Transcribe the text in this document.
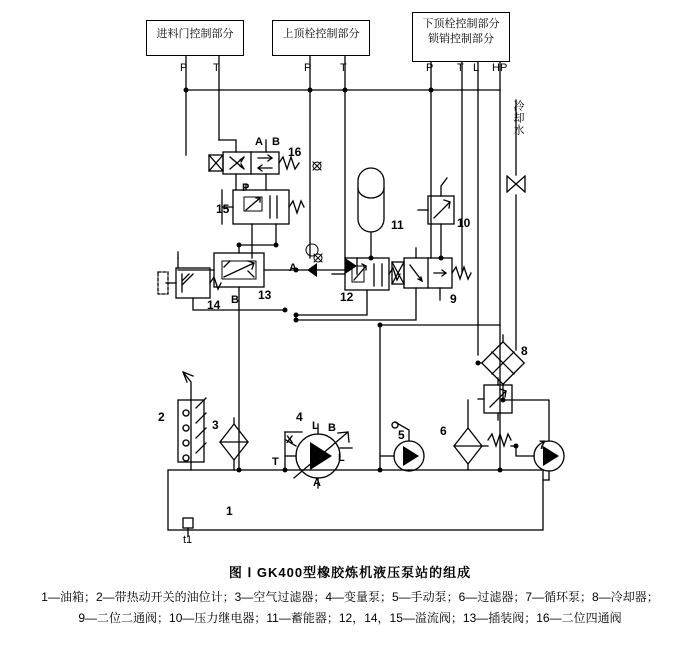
进料门控制部分	上顶栓控制部分
下顶栓控制部分
锁销控制部分
P T	P	T	P T L HP
冷却水
1
2
3
4
5	6
7
8
9
10
11
12
13
14
15
16
A B
P
A
B
X
T
L B
L
A
t1
图 Ⅰ GK400型橡胶炼机液压泵站的组成
1—油箱；2—带热动开关的油位计；3—空气过滤器；4—变量泵；5—手动泵；6—过滤器；7—循环泵；8—冷却器；
9—二位二通阀；10—压力继电器；11—蓄能器；12，14，15—溢流阀；13—插装阀；16—二位四通阀
